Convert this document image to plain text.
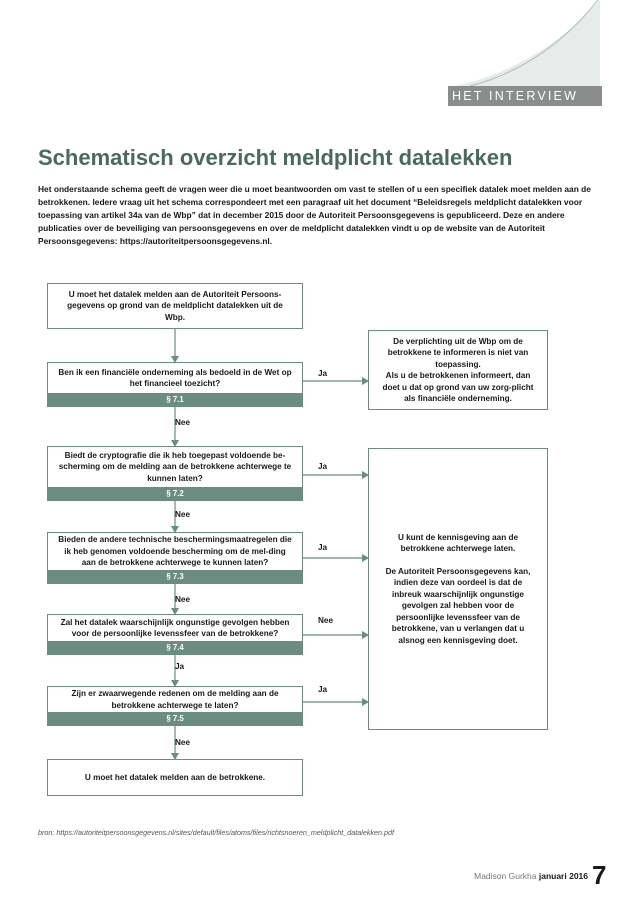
HET INTERVIEW
Schematisch overzicht meldplicht datalekken
Het onderstaande schema geeft de vragen weer die u moet beantwoorden om vast te stellen of u een specifiek datalek moet melden aan de betrokkenen. Iedere vraag uit het schema correspondeert met een paragraaf uit het document “Beleidsregels meldplicht datalekken voor toepassing van artikel 34a van de Wbp” dat in december 2015 door de Autoriteit Persoonsgegevens is gepubliceerd. Deze en andere publicaties over de beveiliging van persoonsgegevens en over de meldplicht datalekken vindt u op de website van de Autoriteit Persoonsgegevens: https://autoriteitpersoonsgegevens.nl.
U moet het datalek melden aan de Autoriteit Persoons-gegevens op grond van de meldplicht datalekken uit de Wbp.
Ben ik een financiële onderneming als bedoeld in de Wet op het financieel toezicht?
§ 7.1
Biedt de cryptografie die ik heb toegepast voldoende be-scherming om de melding aan de betrokkene achterwege te kunnen laten?
§ 7.2
Bieden de andere technische beschermingsmaatregelen die ik heb genomen voldoende bescherming om de mel-ding aan de betrokkene achterwege te kunnen laten?
§ 7.3
Zal het datalek waarschijnlijk ongunstige gevolgen hebben voor de persoonlijke levenssfeer van de betrokkene?
§ 7.4
Zijn er zwaarwegende redenen om de melding aan de betrokkene achterwege te laten?
§ 7.5
U moet het datalek melden aan de betrokkene.
De verplichting uit de Wbp om de betrokkene te informeren is niet van toepassing.
Als u de betrokkenen informeert, dan doet u dat op grond van uw zorg-plicht als financiële onderneming.
U kunt de kennisgeving aan de betrokkene achterwege laten.
De Autoriteit Persoonsgegevens kan, indien deze van oordeel is dat de inbreuk waarschijnlijk ongunstige gevolgen zal hebben voor de persoonlijke levenssfeer van de betrokkene, van u verlangen dat u alsnog een kennisgeving doet.
Ja
Nee
Ja
Nee
Ja
Nee
Nee
Ja
Ja
Nee
bron: https://autoriteitpersoonsgegevens.nl/sites/default/files/atoms/files/richtsnoeren_meldplicht_datalekken.pdf
Madison Gurkha januari 2016 7
